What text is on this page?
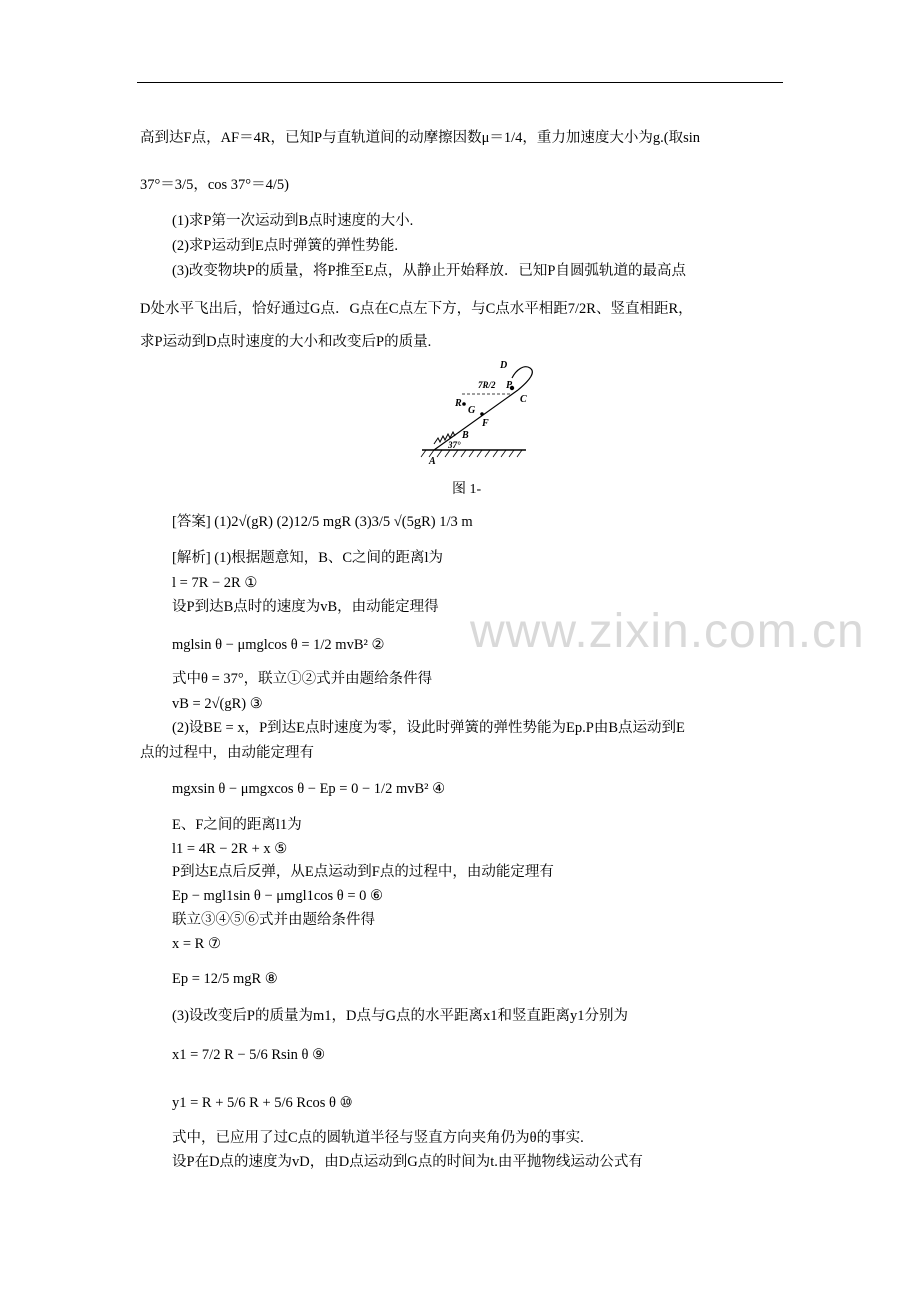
高到达F点，AF＝4R，已知P与直轨道间的动摩擦因数μ＝1/4，重力加速度大小为g.(取sin
37°＝3/5，cos 37°＝4/5)
(1)求P第一次运动到B点时速度的大小.
(2)求P运动到E点时弹簧的弹性势能.
(3)改变物块P的质量，将P推至E点，从静止开始释放．已知P自圆弧轨道的最高点
D处水平飞出后，恰好通过G点．G点在C点左下方，与C点水平相距7/2R、竖直相距R，
求P运动到D点时速度的大小和改变后P的质量.
D
P
C
R
G
F
B
A
37°
7R/2
图 1-
[答案] (1)2√(gR) (2)12/5 mgR (3)3/5 √(5gR) 1/3 m
[解析] (1)根据题意知，B、C之间的距离l为
l = 7R − 2R ①
设P到达B点时的速度为vB，由动能定理得
mglsin θ − μmglcos θ = 1/2 mvB² ②
式中θ = 37°，联立①②式并由题给条件得
vB = 2√(gR) ③
(2)设BE = x，P到达E点时速度为零，设此时弹簧的弹性势能为Ep.P由B点运动到E
点的过程中，由动能定理有
mgxsin θ − μmgxcos θ − Ep = 0 − 1/2 mvB² ④
E、F之间的距离l1为
l1 = 4R − 2R + x ⑤
P到达E点后反弹，从E点运动到F点的过程中，由动能定理有
Ep − mgl1sin θ − μmgl1cos θ = 0 ⑥
联立③④⑤⑥式并由题给条件得
x = R ⑦
Ep = 12/5 mgR ⑧
(3)设改变后P的质量为m1，D点与G点的水平距离x1和竖直距离y1分别为
x1 = 7/2 R − 5/6 Rsin θ ⑨
y1 = R + 5/6 R + 5/6 Rcos θ ⑩
式中，已应用了过C点的圆轨道半径与竖直方向夹角仍为θ的事实.
设P在D点的速度为vD，由D点运动到G点的时间为t.由平抛物线运动公式有
www.zixin.com.cn
